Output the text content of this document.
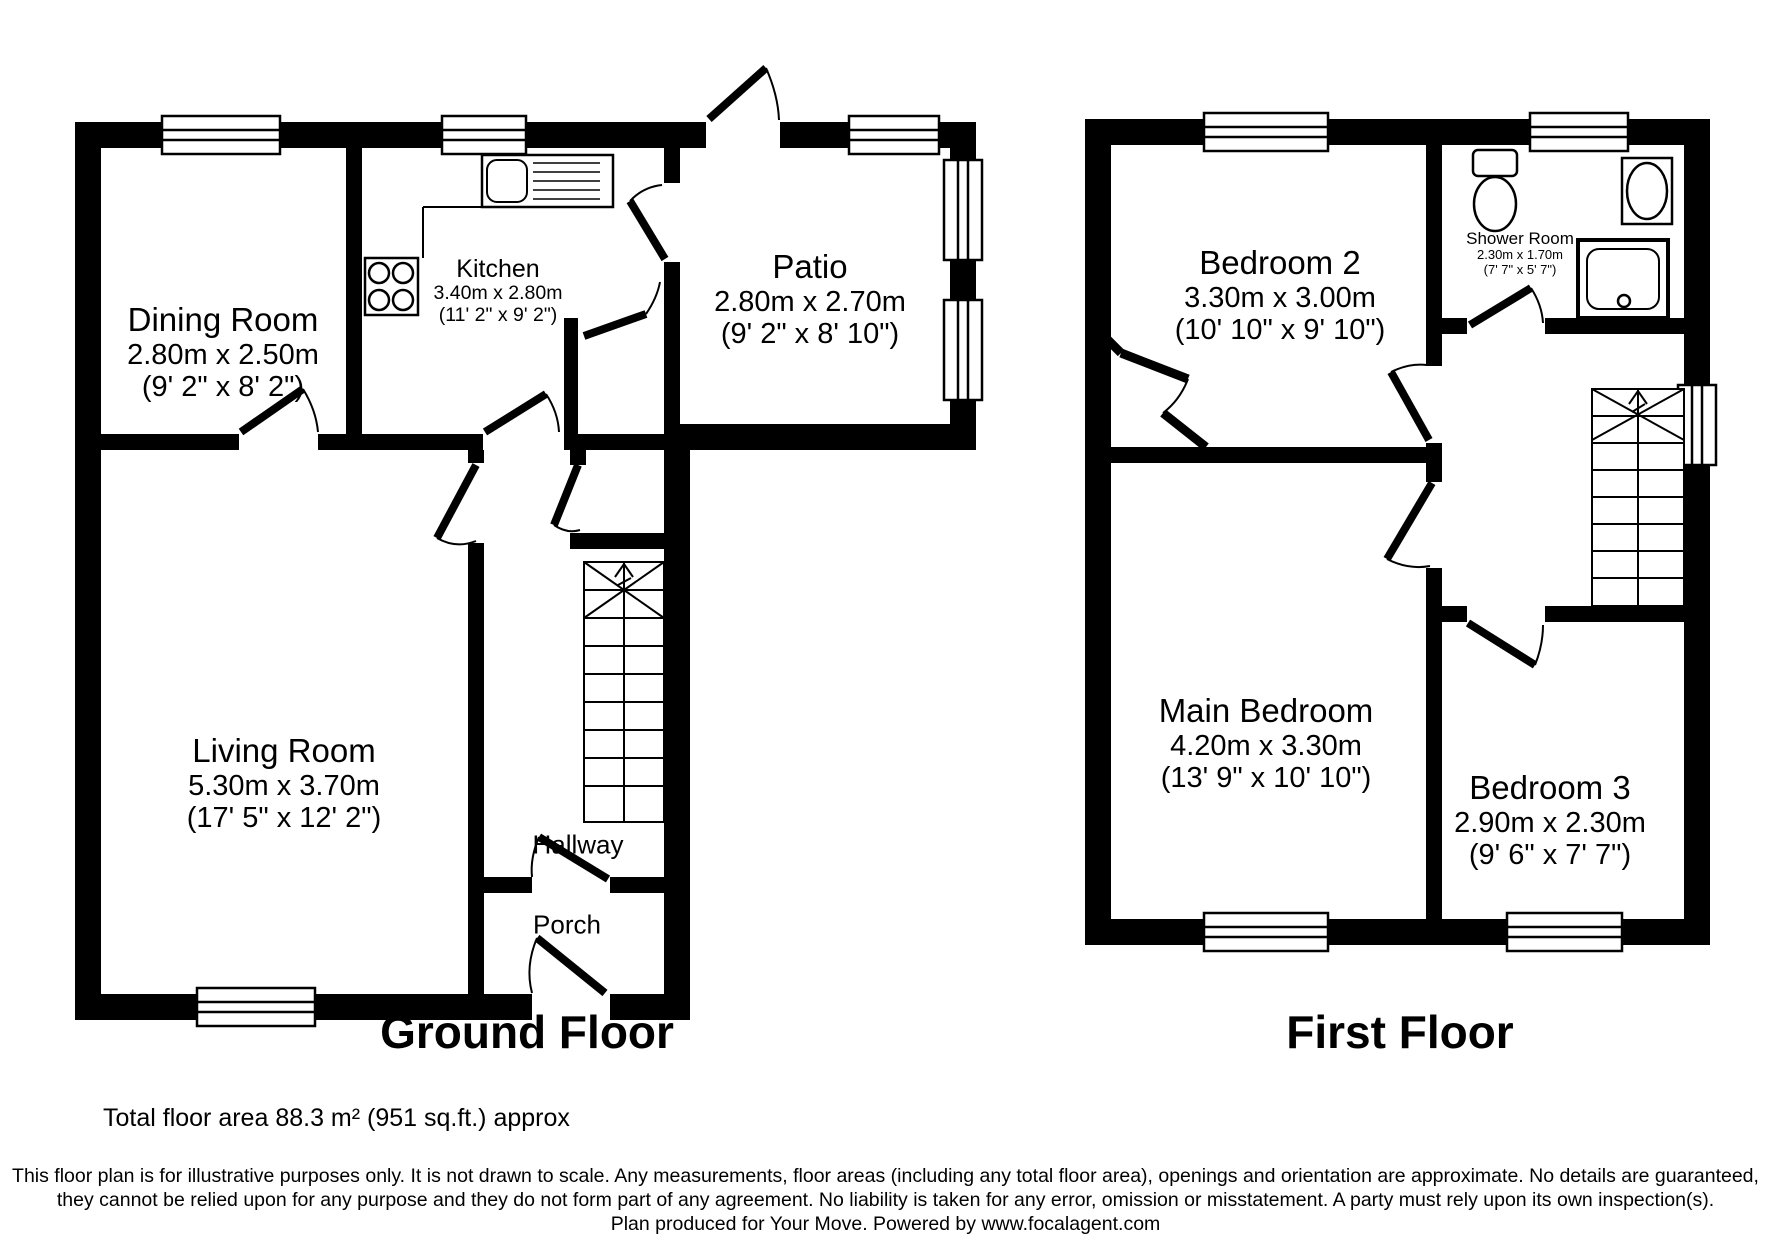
Dining Room
2.80m x 2.50m
(9' 2" x 8' 2")
Kitchen
3.40m x 2.80m
(11' 2" x 9' 2")
Patio
2.80m x 2.70m
(9' 2" x 8' 10")
Living Room
5.30m x 3.70m
(17' 5" x 12' 2")
Hallway
Porch
Bedroom 2
3.30m x 3.00m
(10' 10" x 9' 10")
Shower Room
2.30m x 1.70m
(7' 7" x 5' 7")
Main Bedroom
4.20m x 3.30m
(13' 9" x 10' 10")	Bedroom 3
2.90m x 2.30m
(9' 6" x 7' 7")
Ground Floor	First Floor
Total floor area 88.3 m² (951 sq.ft.) approx
This floor plan is for illustrative purposes only. It is not drawn to scale. Any measurements, floor areas (including any total floor area), openings and orientation are approximate. No details are guaranteed,
they cannot be relied upon for any purpose and they do not form part of any agreement. No liability is taken for any error, omission or misstatement. A party must rely upon its own inspection(s).
Plan produced for Your Move. Powered by www.focalagent.com
